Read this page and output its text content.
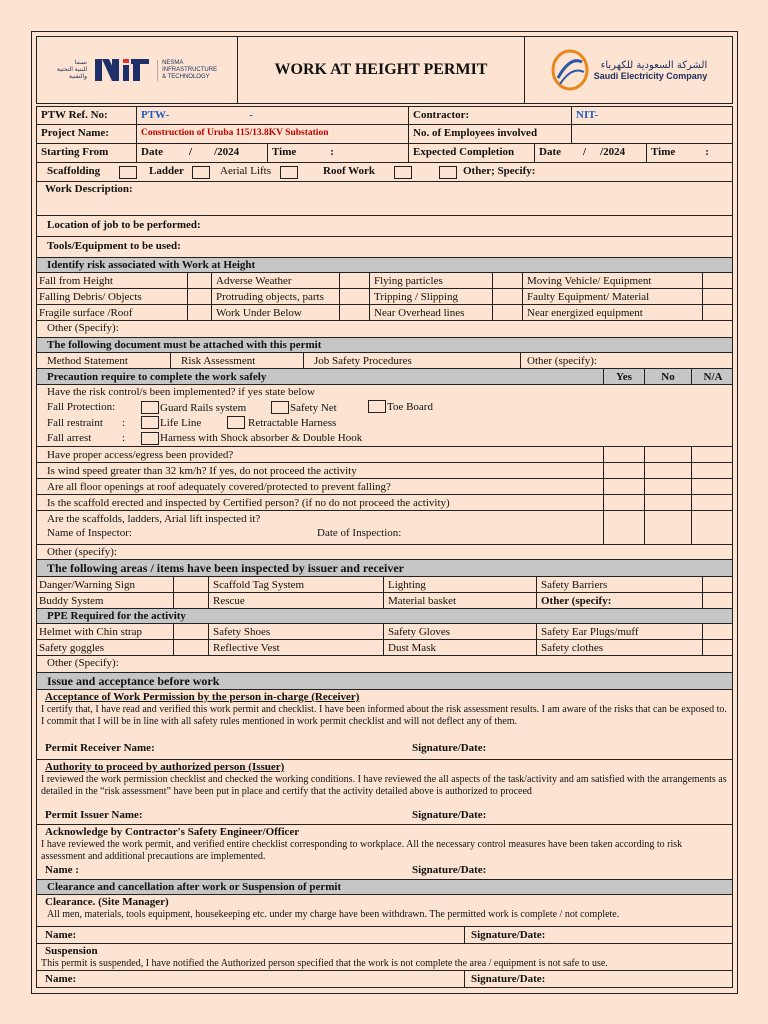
نسما
للبنية التحتية
والتقنية
NESMA
INFRASTRUCTURE
& TECHNOLOGY	WORK AT HEIGHT PERMIT	الشركة السعودية للكهرباء
Saudi Electricity Company
PTW Ref. No:	PTW-	-	Contractor:	NIT-
Project Name:	Construction of Uruba 115/13.8KV Substation	No. of Employees involved
Starting From	Date / /2024	Time	:	Expected Completion	Date / /2024	Time	:
Scaffolding	Ladder	Aerial Lifts	Roof Work	Other; Specify:
Work Description:
Location of job to be performed:
Tools/Equipment to be used:
Identify risk associated with Work at Height
Fall from Height	Adverse Weather	Flying particles	Moving Vehicle/ Equipment
Falling Debris/ Objects	Protruding objects, parts	Tripping / Slipping	Faulty Equipment/ Material
Fragile surface /Roof	Work Under Below	Near Overhead lines	Near energized equipment
Other (Specify):
The following document must be attached with this permit
Method Statement	Risk Assessment	Job Safety Procedures	Other (specify):
Precaution require to complete the work safely	Yes	No	N/A
Have the risk control/s been implemented? if yes state below
Fall Protection:	Guard Rails system	Safety Net	Toe Board
Fall restraint :	Life Line	Retractable Harness
Fall arrest	:	Harness with Shock absorber & Double Hook
Have proper access/egress been provided?
Is wind speed greater than 32 km/h? If yes, do not proceed the activity
Are all floor openings at roof adequately covered/protected to prevent falling?
Is the scaffold erected and inspected by Certified person? (if no do not proceed the activity)
Are the scaffolds, ladders, Arial lift inspected it?
Name of Inspector:	Date of Inspection:
Other (specify):
The following areas / items have been inspected by issuer and receiver
Danger/Warning Sign	Scaffold Tag System	Lighting	Safety Barriers
Buddy System	Rescue	Material basket	Other (specify:
PPE Required for the activity
Helmet with Chin strap	Safety Shoes	Safety Gloves	Safety Ear Plugs/muff
Safety goggles	Reflective Vest	Dust Mask	Safety clothes
Other (Specify):
Issue and acceptance before work
Acceptance of Work Permission by the person in-charge (Receiver)
I certify that, I have read and verified this work permit and checklist. I have been informed about the risk assessment results. I am aware of the risks that can be exposed to. I commit that I will be in line with all safety rules mentioned in work permit checklist and will not deflect any of them.
Permit Receiver Name:	Signature/Date:
Authority to proceed by authorized person (Issuer)
I reviewed the work permission checklist and checked the working conditions. I have reviewed the all aspects of the task/activity and am satisfied with the arrangements as detailed in the “risk assessment” have been put in place and certify that the activity detailed above is authorized to proceed
Permit Issuer Name:	Signature/Date:
Acknowledge by Contractor's Safety Engineer/Officer
I have reviewed the work permit, and verified entire checklist corresponding to workplace. All the necessary control measures have been taken according to risk assessment and additional precautions are implemented.
Name :	Signature/Date:
Clearance and cancellation after work or Suspension of permit
Clearance. (Site Manager)
All men, materials, tools equipment, housekeeping etc. under my charge have been withdrawn. The permitted work is complete / not complete.
Name:	Signature/Date:
Suspension
This permit is suspended, I have notified the Authorized person specified that the work is not complete the area / equipment is not safe to use.
Name:	Signature/Date:
